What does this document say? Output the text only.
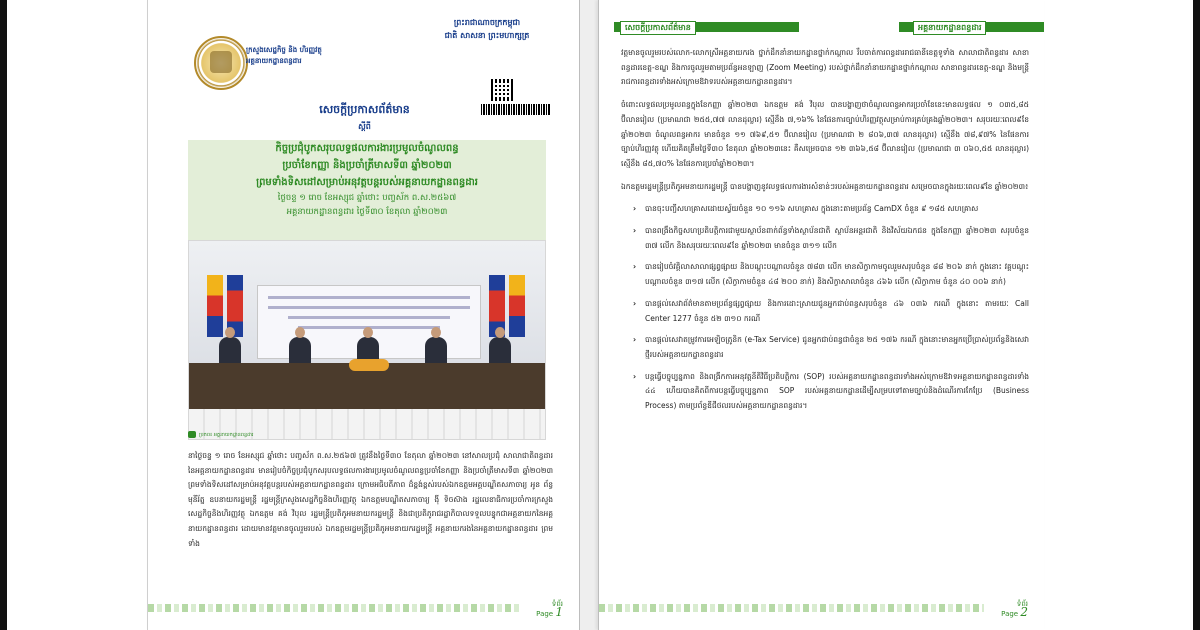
ក្រសួងសេដ្ឋកិច្ច និង ហិរញ្ញវត្ថុ
អគ្គនាយកដ្ឋានពន្ធដារ
ព្រះរាជាណាចក្រកម្ពុជា
ជាតិ សាសនា ព្រះមហាក្សត្រ
សេចក្តីប្រកាសព័ត៌មាន
ស្តីពី
កិច្ចប្រជុំបូកសរុបលទ្ធផលការងារប្រមូលចំណូលពន្ធ
ប្រចាំខែកញ្ញា និងប្រចាំត្រីមាសទី៣ ឆ្នាំ២០២៣
ព្រមទាំងទិសដៅសម្រាប់អនុវត្តបន្តរបស់អគ្គនាយកដ្ឋានពន្ធដារ
ថ្ងៃចន្ទ ១ រោច ខែអស្សុជ ឆ្នាំថោះ បញ្ចស័ក ព.ស.២៥៦៧
អគ្គនាយកដ្ឋានពន្ធដារ ថ្ងៃទី៣០ ខែតុលា ឆ្នាំ២០២៣
ប្រភព៖ អគ្គនាយកដ្ឋានពន្ធដារ
នាថ្ងៃចន្ទ ១ រោច ខែអស្សុជ ឆ្នាំថោះ បញ្ចស័ក ព.ស.២៥៦៧ ត្រូវនឹងថ្ងៃទី៣០ ខែតុលា ឆ្នាំ២០២៣ នៅសាលប្រជុំ សាលាជាតិពន្ធដារ នៃអគ្គនាយកដ្ឋានពន្ធដារ មានរៀបចំកិច្ចប្រជុំបូកសរុបលទ្ធផលការងារប្រមូលចំណូលពន្ធប្រចាំខែកញ្ញា និងប្រចាំត្រីមាសទី៣ ឆ្នាំ២០២៣ ព្រមទាំងទិសដៅសម្រាប់អនុវត្តបន្តរបស់អគ្គនាយកដ្ឋានពន្ធដារ ក្រោមអធិបតីភាព ដ៏ខ្ពង់ខ្ពស់របស់ឯកឧត្តមអគ្គបណ្ឌិតសភាចារ្យ អូន ព័ន្ធមុនីរ័ត្ន ឧបនាយករដ្ឋមន្ត្រី រដ្ឋមន្ត្រីក្រសួងសេដ្ឋកិច្ចនិងហិរញ្ញវត្ថុ ឯកឧត្តមបណ្ឌិតសភាចារ្យ ង៉ី ទិចស៊ាង រដ្ឋលេខាធិការប្រចាំការក្រសួងសេដ្ឋកិច្ចនិងហិរញ្ញវត្ថុ ឯកឧត្តម គង់ វិបុល រដ្ឋមន្ត្រីប្រតិភូអមនាយករដ្ឋមន្ត្រី និងជាប្រតិភូរាជរដ្ឋាភិបាលទទួលបន្ទុកជាអគ្គនាយកនៃអគ្គនាយកដ្ឋានពន្ធដារ ដោយមានវត្តមានចូលរួមរបស់ ឯកឧត្តមរដ្ឋមន្ត្រីប្រតិភូអមនាយករដ្ឋមន្ត្រី អគ្គនាយករងនៃអគ្គនាយកដ្ឋានពន្ធដារ ព្រមទាំង
ទំព័រ
Page 1
សេចក្តីប្រកាសព័ត៌មាន	អគ្គនាយកដ្ឋានពន្ធដារ

វត្តមានចូលរួមរបស់លោក-លោកស្រីអគ្គនាយករង ថ្នាក់ដឹកនាំនាយកដ្ឋានថ្នាក់កណ្តាល រឹបចាត់ការពន្ធដាររាជធានីខេត្តទូទាំង សាលាជាតិពន្ធដារ សាខាពន្ធដារខេត្ត-ខណ្ឌ និងការចូលរួមតាមប្រព័ន្ធអនឡាញ (Zoom Meeting) របស់ថ្នាក់ដឹកនាំនាយកដ្ឋានថ្នាក់កណ្តាល សាខាពន្ធដារខេត្ត-ខណ្ឌ និងមន្ត្រីរាជការពន្ធដារទាំងអស់ក្រោមឱវាទរបស់អគ្គនាយកដ្ឋានពន្ធដារ។

ចំពោះលទ្ធផលប្រមូលពន្ធក្នុងខែកញ្ញា ឆ្នាំ២០២៣ ឯកឧត្តម គង់ វិបុល បានបង្ហាញថាចំណូលពន្ធអាករប្រចាំខែនេះមានលទ្ធផល ១ ០៣៥,៨៥ ប៊ីលានរៀល (ប្រមាណជា ២៥៥,៧៧ លានដុល្លារ) ស្មើនឹង ៧,១៦% នៃផែនការច្បាប់ហិរញ្ញវត្ថុសម្រាប់ការគ្រប់គ្រងឆ្នាំ២០២៣។ សរុបរយៈពេល៩ខែ ឆ្នាំ២០២៣ ចំណូលពន្ធអាករ មានចំនួន ១១ ៧៦៩,៥១ ប៊ីលានរៀល (ប្រមាណជា ២ ៨០៦,៣៧ លានដុល្លារ) ស្មើនឹង ៧៨,៩៧% នៃផែនការច្បាប់ហិរញ្ញវត្ថុ ហើយគិតត្រឹមថ្ងៃទី៣០ ខែតុលា ឆ្នាំ២០២៣នេះ គឺសម្រេចបាន ១២ ៣៦៦,៥៨ ប៊ីលានរៀល (ប្រមាណជា ៣ ០៦០,៥៥ លានដុល្លារ) ស្មើនឹង ៨៥,៧០% នៃផែនការប្រចាំឆ្នាំ២០២៣។

ឯកឧត្តមរដ្ឋមន្ត្រីប្រតិភូអមនាយករដ្ឋមន្ត្រី បានបង្ហាញនូវលទ្ធផលការងារសំខាន់ៗរបស់អគ្គនាយកដ្ឋានពន្ធដារ សម្រេចបានក្នុងរយៈពេល៩ខែ ឆ្នាំ២០២៣៖

› បានចុះបញ្ជីសហគ្រាសដោយស្វ័យចំនួន ១០ ១១៦ សហគ្រាស ក្នុងនោះតាមប្រព័ន្ធ CamDX ចំនួន ៩ ១៨៥ សហគ្រាស
› បានពង្រឹងកិច្ចសហប្រតិបត្តិការជាមួយស្ថាប័នពាក់ព័ន្ធទាំងស្ថាប័នជាតិ ស្ថាប័នអន្តរជាតិ និងវិស័យឯកជន ក្នុងខែកញ្ញា ឆ្នាំ២០២៣ សរុបចំនួន ៣៧ លើក និងសរុបរយៈពេល៩ខែ ឆ្នាំ២០២៣ មានចំនួន ៣១១ លើក
› បានរៀបចំវគ្គិលាសាលាផ្សព្វផ្សាយ និងបណ្តុះបណ្តាលចំនួន ៧៨៣ លើក មានសិក្ខាកាមចូលរួមសរុបចំនួន ៨៨ ២០៦ នាក់ ក្នុងនោះ វគ្គបណ្តុះបណ្តាលចំនួន ៣១៧ លើក (សិក្ខាកាមចំនួន ៤៨ ២០០ នាក់) និងសិក្ខាសាលាចំនួន ៤៦៦ លើក (សិក្ខាកាម ចំនួន ៤០ ០០៦ នាក់)
› បានផ្តល់សេវាព័ត៌មានតាមប្រព័ន្ធផ្សព្វផ្សាយ និងការដោះស្រាយជូនអ្នកជាប់ពន្ធសរុបចំនួន ៤៦ ០៣៦ ករណី ក្នុងនោះ តាមរយៈ Call Center 1277 ចំនួន ៥២ ៣១០ ករណី
› បានផ្តល់សេវាតម្រូវការអេឡិចត្រូនិក (e-Tax Service) ជូនអ្នកជាប់ពន្ធជាចំនួន ២៥ ១៧៦ ករណី ក្នុងនោះមានអ្នកប្រើប្រាស់ប្រព័ន្ធនិងសេវាថ្មីរបស់អគ្គនាយកដ្ឋានពន្ធដារ
› បន្តធ្វើបច្ចុប្បន្នភាព និងពង្រីកការអនុវត្តនីតិវិធីប្រតិបត្តិការ (SOP) របស់អគ្គនាយកដ្ឋានពន្ធដារទាំងអស់ក្រោមឱវាទអគ្គនាយកដ្ឋានពន្ធដារទាំង ៤៤ ហើយបានគិតពីការបន្តធ្វើបច្ចុប្បន្នភាព SOP របស់អគ្គនាយកដ្ឋានដើម្បីសម្របទៅតាមច្បាប់និងដំណើរការកែប្រែ (Business Process) តាមប្រព័ន្ធឌីជីថលរបស់អគ្គនាយកដ្ឋានពន្ធដារ។
ទំព័រ
Page 2
